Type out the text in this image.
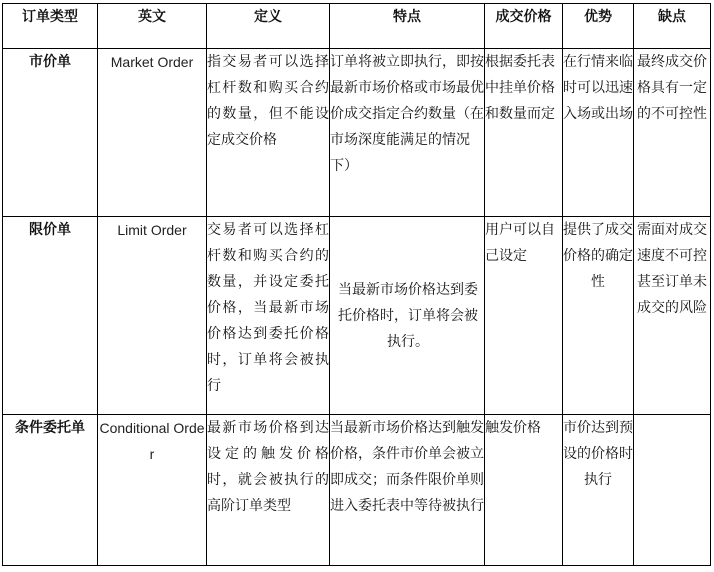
订单类型	英文	定义	特点	成交价格	优势	缺点
市价单	Market Order	指交易者可以选择杠杆数和购买合约的数量，但不能设定成交价格	订单将被立即执行，即按最新市场价格或市场最优价成交指定合约数量（在市场深度能满足的情况下）	根据委托表中挂单价格和数量而定	在行情来临时可以迅速入场或出场	最终成交价格具有一定的不可控性
限价单	Limit Order	交易者可以选择杠杆数和购买合约的数量，并设定委托价格，当最新市场价格达到委托价格时，订单将会被执行	当最新市场价格达到委托价格时，订单将会被执行。	用户可以自己设定	提供了成交价格的确定性	需面对成交速度不可控甚至订单未成交的风险
条件委托单	Conditional Order	最新市场价格到达设定的触发价格时，就会被执行的高阶订单类型	当最新市场价格达到触发价格，条件市价单会被立即成交；而条件限价单则进入委托表中等待被执行	触发价格	市价达到预设的价格时执行	
